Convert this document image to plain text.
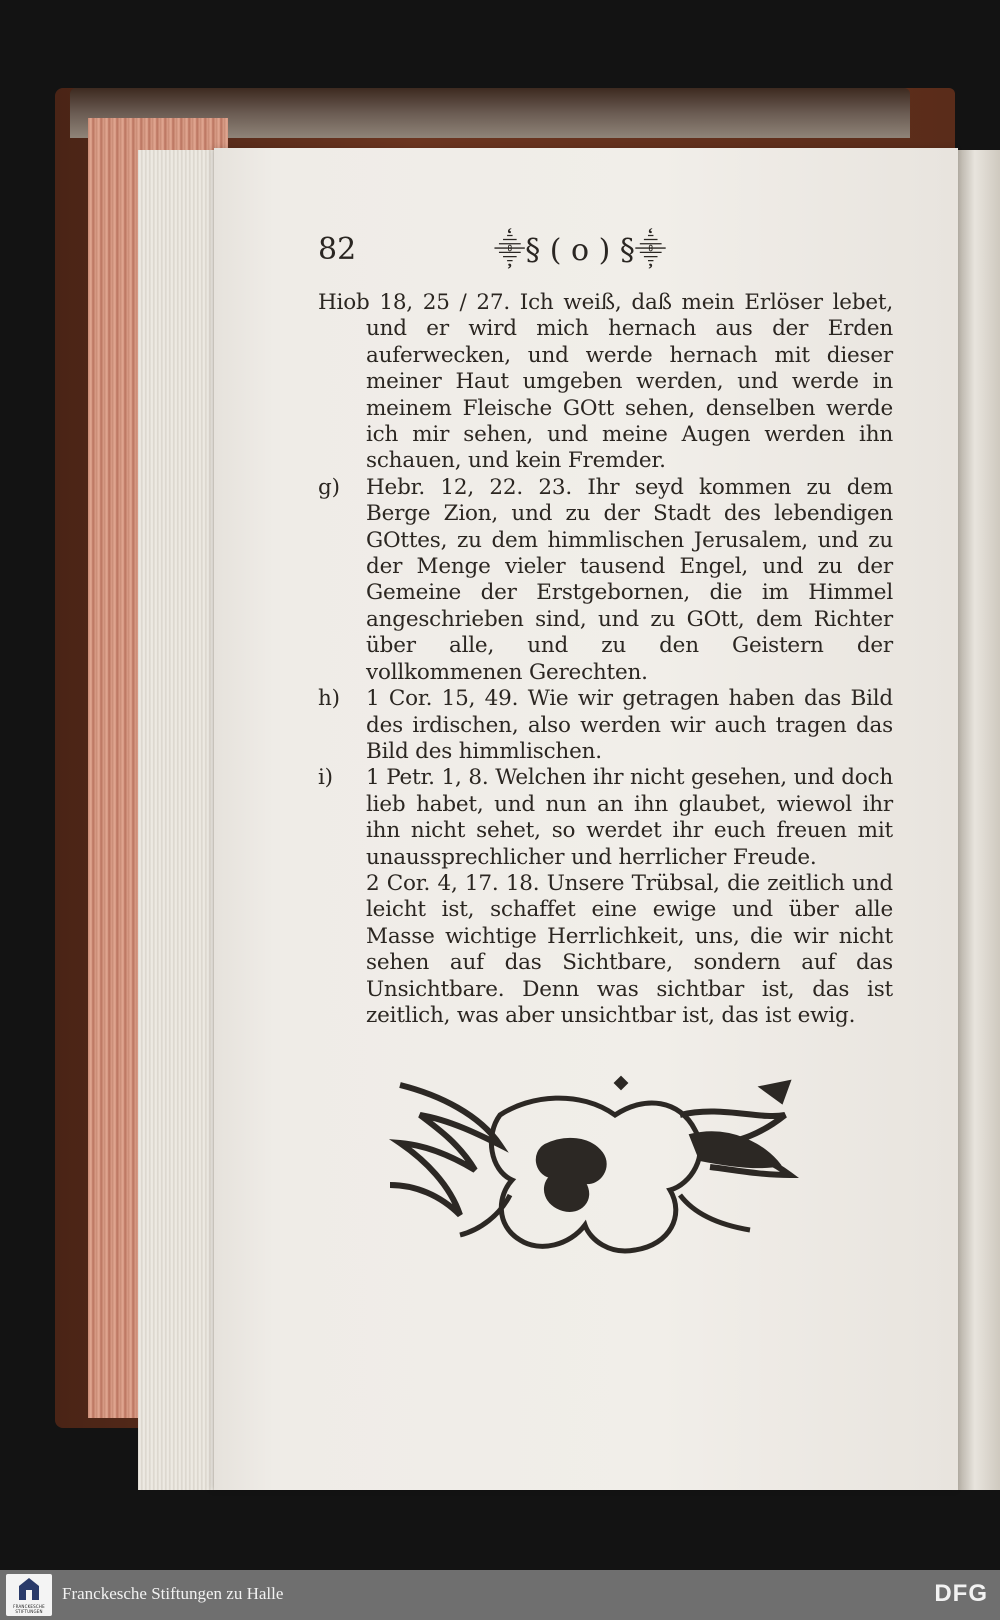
82	⸎§ ( o ) §⸎

Hiob 18, 25 / 27. Ich weiß, daß mein Erlöser lebet, und er wird mich hernach aus der Erden auferwecken, und werde hernach mit dieser meiner Haut umgeben werden, und werde in meinem Fleische GOtt sehen, denselben werde ich mir sehen, und meine Augen werden ihn schauen, und kein Fremder.

g)	Hebr. 12, 22. 23. Ihr seyd kommen zu dem Berge Zion, und zu der Stadt des lebendigen GOttes, zu dem himmlischen Jerusalem, und zu der Menge vieler tausend Engel, und zu der Gemeine der Erstgebornen, die im Himmel angeschrieben sind, und zu GOtt, dem Richter über alle, und zu den Geistern der vollkommenen Gerechten.

h)	1 Cor. 15, 49. Wie wir getragen haben das Bild des irdischen, also werden wir auch tragen das Bild des himmlischen.

i)	1 Petr. 1, 8. Welchen ihr nicht gesehen, und doch lieb habet, und nun an ihn glaubet, wiewol ihr ihn nicht sehet, so werdet ihr euch freuen mit unaussprechlicher und herrlicher Freude.

2 Cor. 4, 17. 18. Unsere Trübsal, die zeitlich und leicht ist, schaffet eine ewige und über alle Masse wichtige Herrlichkeit, uns, die wir nicht sehen auf das Sichtbare, sondern auf das Unsichtbare. Denn was sichtbar ist, das ist zeitlich, was aber unsichtbar ist, das ist ewig.

FRANCKESCHE STIFTUNGEN
Franckesche Stiftungen zu Halle	DFG
